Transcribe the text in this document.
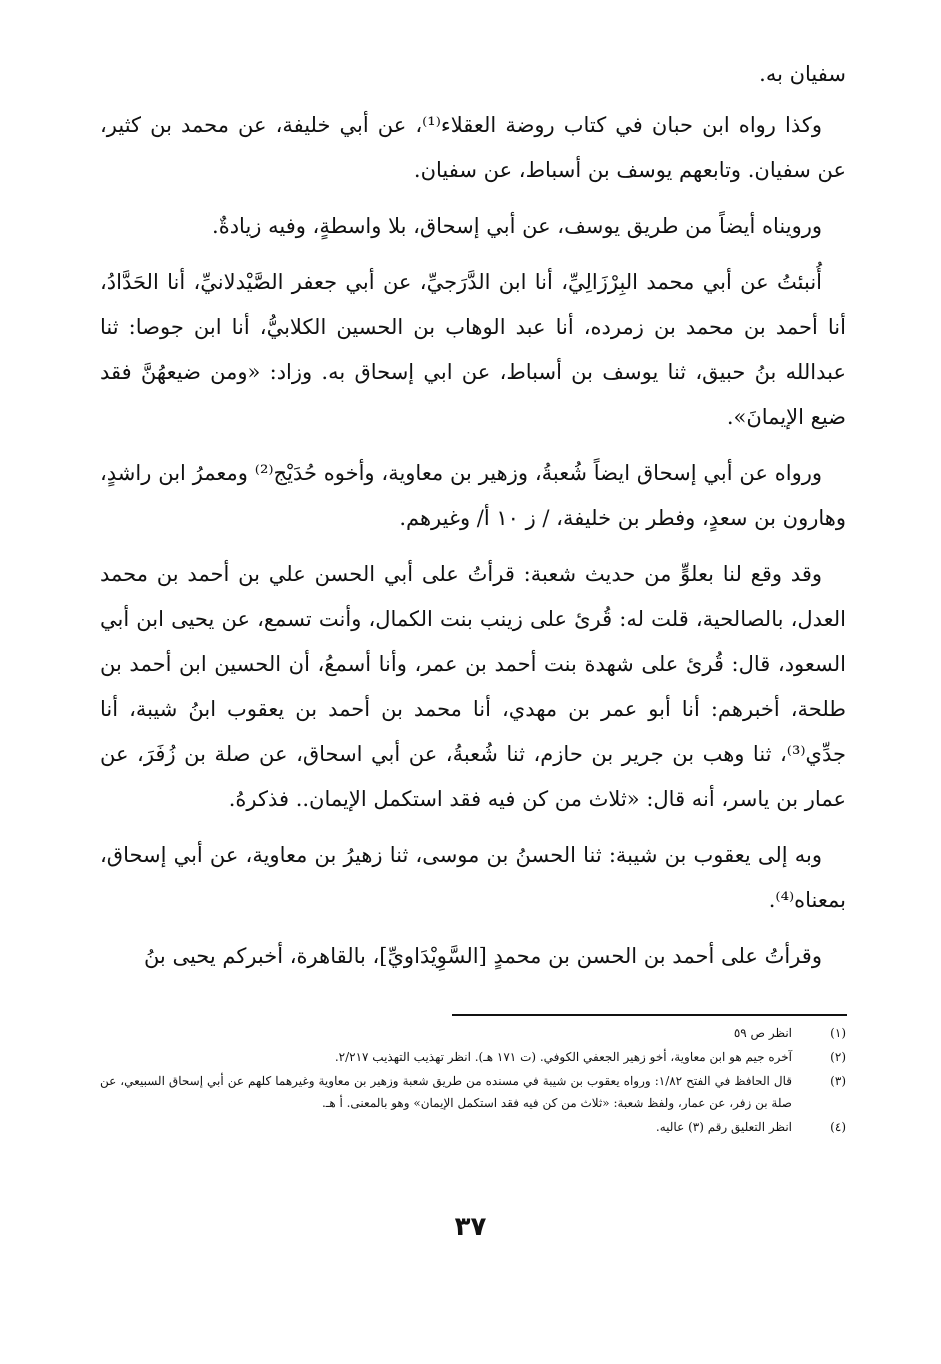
سفيان به.

وكذا رواه ابن حبان في كتاب روضة العقلاء⁽¹⁾، عن أبي خليفة، عن محمد بن كثير، عن سفيان. وتابعهم يوسف بن أسباط، عن سفيان.

ورويناه أيضاً من طريق يوسف، عن أبي إسحاق، بلا واسطةٍ، وفيه زيادةٌ.

أُنبئتُ عن أبي محمد البِرْزَالِيِّ، أنا ابن الدَّرَجيِّ، عن أبي جعفر الصَّيْدلانيِّ، أنا الحَدَّادُ، أنا أحمد بن محمد بن زمرده، أنا عبد الوهاب بن الحسين الكلابيُّ، أنا ابن جوصا: ثنا عبدالله بنُ حبيق، ثنا يوسف بن أسباط، عن ابي إسحاق به. وزاد: «ومن ضيعهُنَّ فقد ضيع الإيمانَ».

ورواه عن أبي إسحاق ايضاً شُعبةُ، وزهير بن معاوية، وأخوه حُدَيْج⁽²⁾ ومعمرُ ابن راشدٍ، وهارون بن سعدٍ، وفطر بن خليفة، / ز ١٠ أ/ وغيرهم.

وقد وقع لنا بعلوٍّ من حديث شعبة: قرأتُ على أبي الحسن علي بن أحمد بن محمد العدل، بالصالحية، قلت له: قُرئ على زينب بنت الكمال، وأنت تسمع، عن يحيى ابن أبي السعود، قال: قُرئ على شهدة بنت أحمد بن عمر، وأنا أسمعُ، أن الحسين ابن أحمد بن طلحة، أخبرهم: أنا أبو عمر بن مهدي، أنا محمد بن أحمد بن يعقوب ابنُ شيبة، أنا جدِّي⁽³⁾، ثنا وهب بن جرير بن حازم، ثنا شُعبةُ، عن أبي اسحاق، عن صلة بن زُفَرَ، عن عمار بن ياسر، أنه قال: «ثلاث من كن فيه فقد استكمل الإيمان.. فذكرهُ.

وبه إلى يعقوب بن شيبة: ثنا الحسنُ بن موسى، ثنا زهيرُ بن معاوية، عن أبي إسحاق، بمعناه⁽⁴⁾.

وقرأتُ على أحمد بن الحسن بن محمدٍ [السَّوِيْدَاويِّ]، بالقاهرة، أخبركم يحيى بنُ

(١)
انظر ص ٥٩
(٢)
آخره جيم هو ابن معاوية، أخو زهير الجعفي الكوفي. (ت ١٧١ هـ). انظر تهذيب التهذيب ٢/٢١٧.
(٣)
قال الحافظ في الفتح ١/٨٢: ورواه يعقوب بن شيبة في مسنده من طريق شعبة وزهير بن معاوية وغيرهما كلهم عن أبي إسحاق السبيعي، عن صلة بن زفر، عن عمار، ولفظ شعبة: «ثلاث من كن فيه فقد استكمل الإيمان» وهو بالمعنى. أ هـ.
(٤)
انظر التعليق رقم (٣) عاليه.
٣٧
